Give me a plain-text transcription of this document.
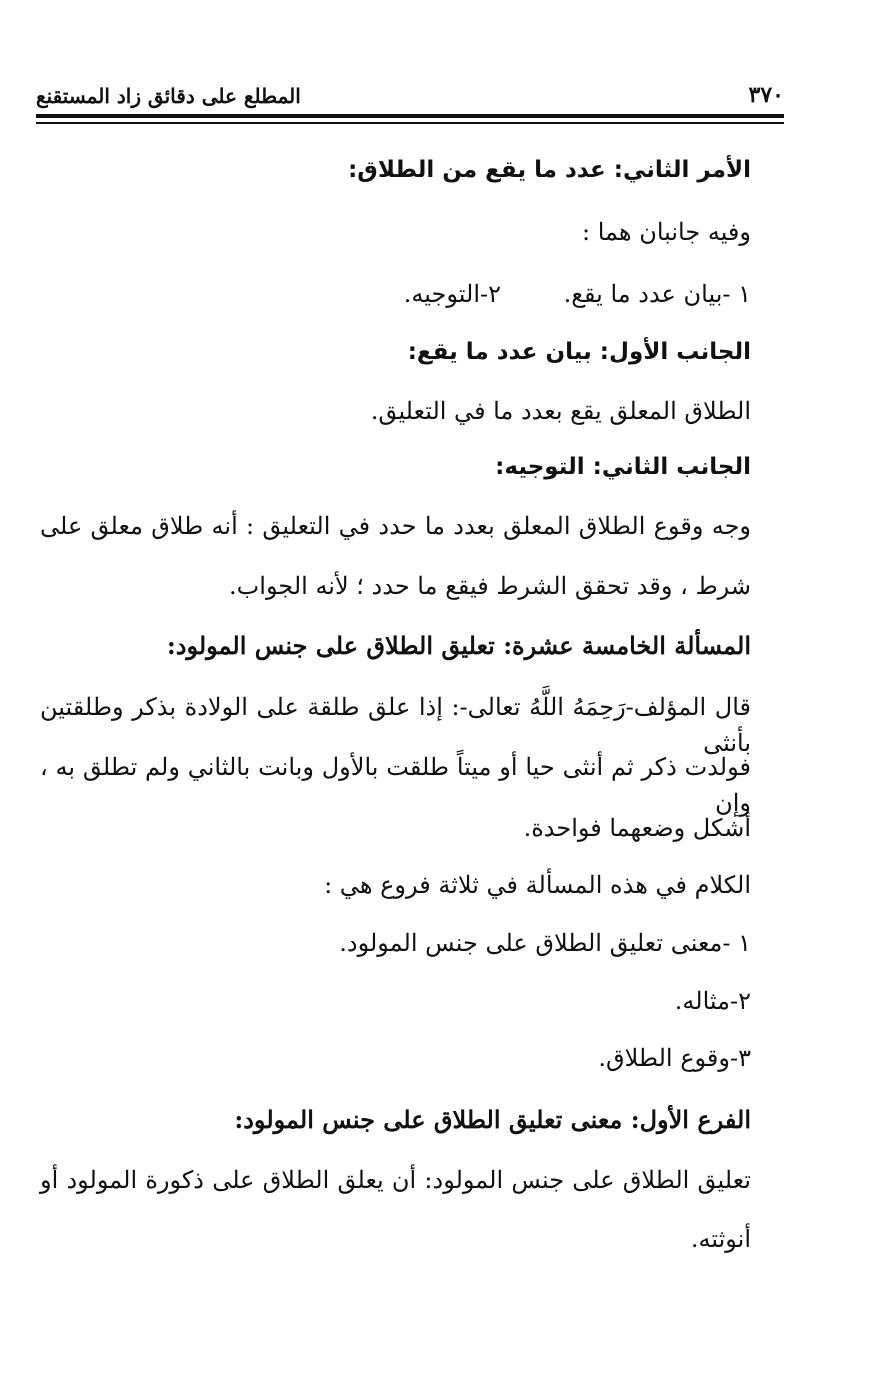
٣٧٠
المطلع على دقائق زاد المستقنع

الأمر الثاني: عدد ما يقع من الطلاق:

وفيه جانبان هما :

١ -بيان عدد ما يقع.
٢-التوجيه.

الجانب الأول: بيان عدد ما يقع:

الطلاق المعلق يقع بعدد ما في التعليق.

الجانب الثاني: التوجيه:

وجه وقوع الطلاق المعلق بعدد ما حدد في التعليق : أنه طلاق معلق على

شرط ، وقد تحقق الشرط فيقع ما حدد ؛ لأنه الجواب.

المسألة الخامسة عشرة: تعليق الطلاق على جنس المولود:

قال المؤلف-رَحِمَهُ اللَّهُ تعالى-: إذا علق طلقة على الولادة بذكر وطلقتين بأنثى

فولدت ذكر ثم أنثى حيا أو ميتاً طلقت بالأول وبانت بالثاني ولم تطلق به ، وإن

أشكل وضعهما فواحدة.

الكلام في هذه المسألة في ثلاثة فروع هي :

١ -معنى تعليق الطلاق على جنس المولود.

٢-مثاله.

٣-وقوع الطلاق.

الفرع الأول: معنى تعليق الطلاق على جنس المولود:

تعليق الطلاق على جنس المولود: أن يعلق الطلاق على ذكورة المولود أو

أنوثته.
